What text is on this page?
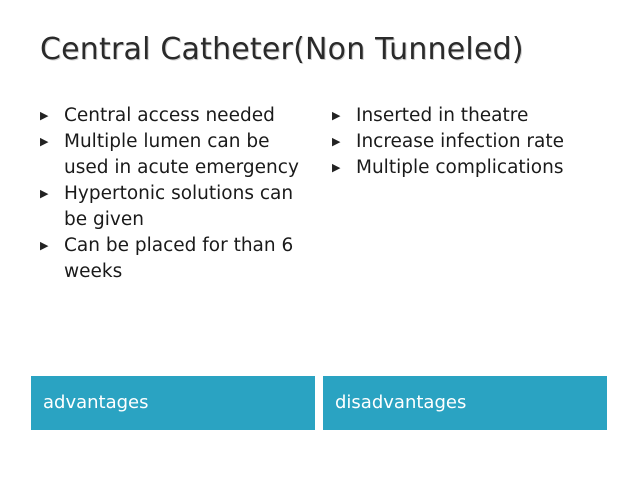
Central Catheter(Non Tunneled)
▶ Central access needed
▶ Multiple lumen can be used in acute emergency
▶ Hypertonic solutions can be given
▶ Can be placed for than 6 weeks
▶ Inserted in theatre
▶ Increase infection rate
▶ Multiple complications
advantages	disadvantages
